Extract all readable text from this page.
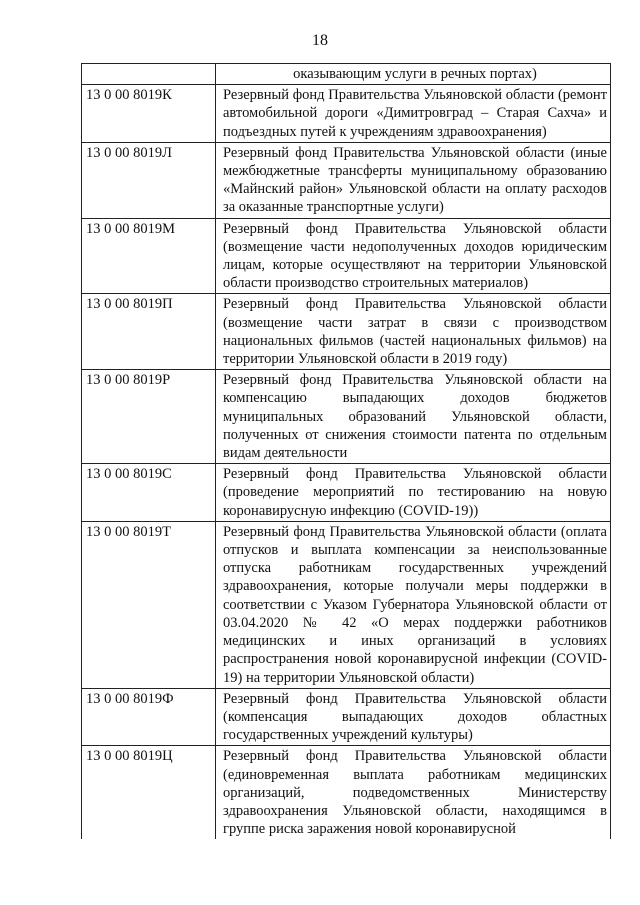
18
	оказывающим услуги в речных портах)
13 0 00 8019К	Резервный фонд Правительства Ульяновской области (ремонт автомобильной дороги «Димитровград – Старая Сахча» и подъездных путей к учреждениям здравоохранения)
13 0 00 8019Л	Резервный фонд Правительства Ульяновской области (иные межбюджетные трансферты муниципальному образованию «Майнский район» Ульяновской области на оплату расходов за оказанные транспортные услуги)
13 0 00 8019М	Резервный фонд Правительства Ульяновской области (возмещение части недополученных доходов юридическим лицам, которые осуществляют на территории Ульяновской области производство строительных материалов)
13 0 00 8019П	Резервный фонд Правительства Ульяновской области (возмещение части затрат в связи с производством национальных фильмов (частей национальных фильмов) на территории Ульяновской области в 2019 году)
13 0 00 8019Р	Резервный фонд Правительства Ульяновской области на компенсацию выпадающих доходов бюджетов муниципальных образований Ульяновской области, полученных от снижения стоимости патента по отдельным видам деятельности
13 0 00 8019С	Резервный фонд Правительства Ульяновской области (проведение мероприятий по тестированию на новую коронавирусную инфекцию (COVID-19))
13 0 00 8019Т	Резервный фонд Правительства Ульяновской области (оплата отпусков и выплата компенсации за неиспользованные отпуска работникам государственных учреждений здравоохранения, которые получали меры поддержки в соответствии с Указом Губернатора Ульяновской области от 03.04.2020 № 42 «О мерах поддержки работников медицинских и иных организаций в условиях распространения новой коронавирусной инфекции (COVID-19) на территории Ульяновской области)
13 0 00 8019Ф	Резервный фонд Правительства Ульяновской области (компенсация выпадающих доходов областных государственных учреждений культуры)
13 0 00 8019Ц	Резервный фонд Правительства Ульяновской области (единовременная выплата работникам медицинских организаций, подведомственных Министерству здравоохранения Ульяновской области, находящимся в группе риска заражения новой коронавирусной
